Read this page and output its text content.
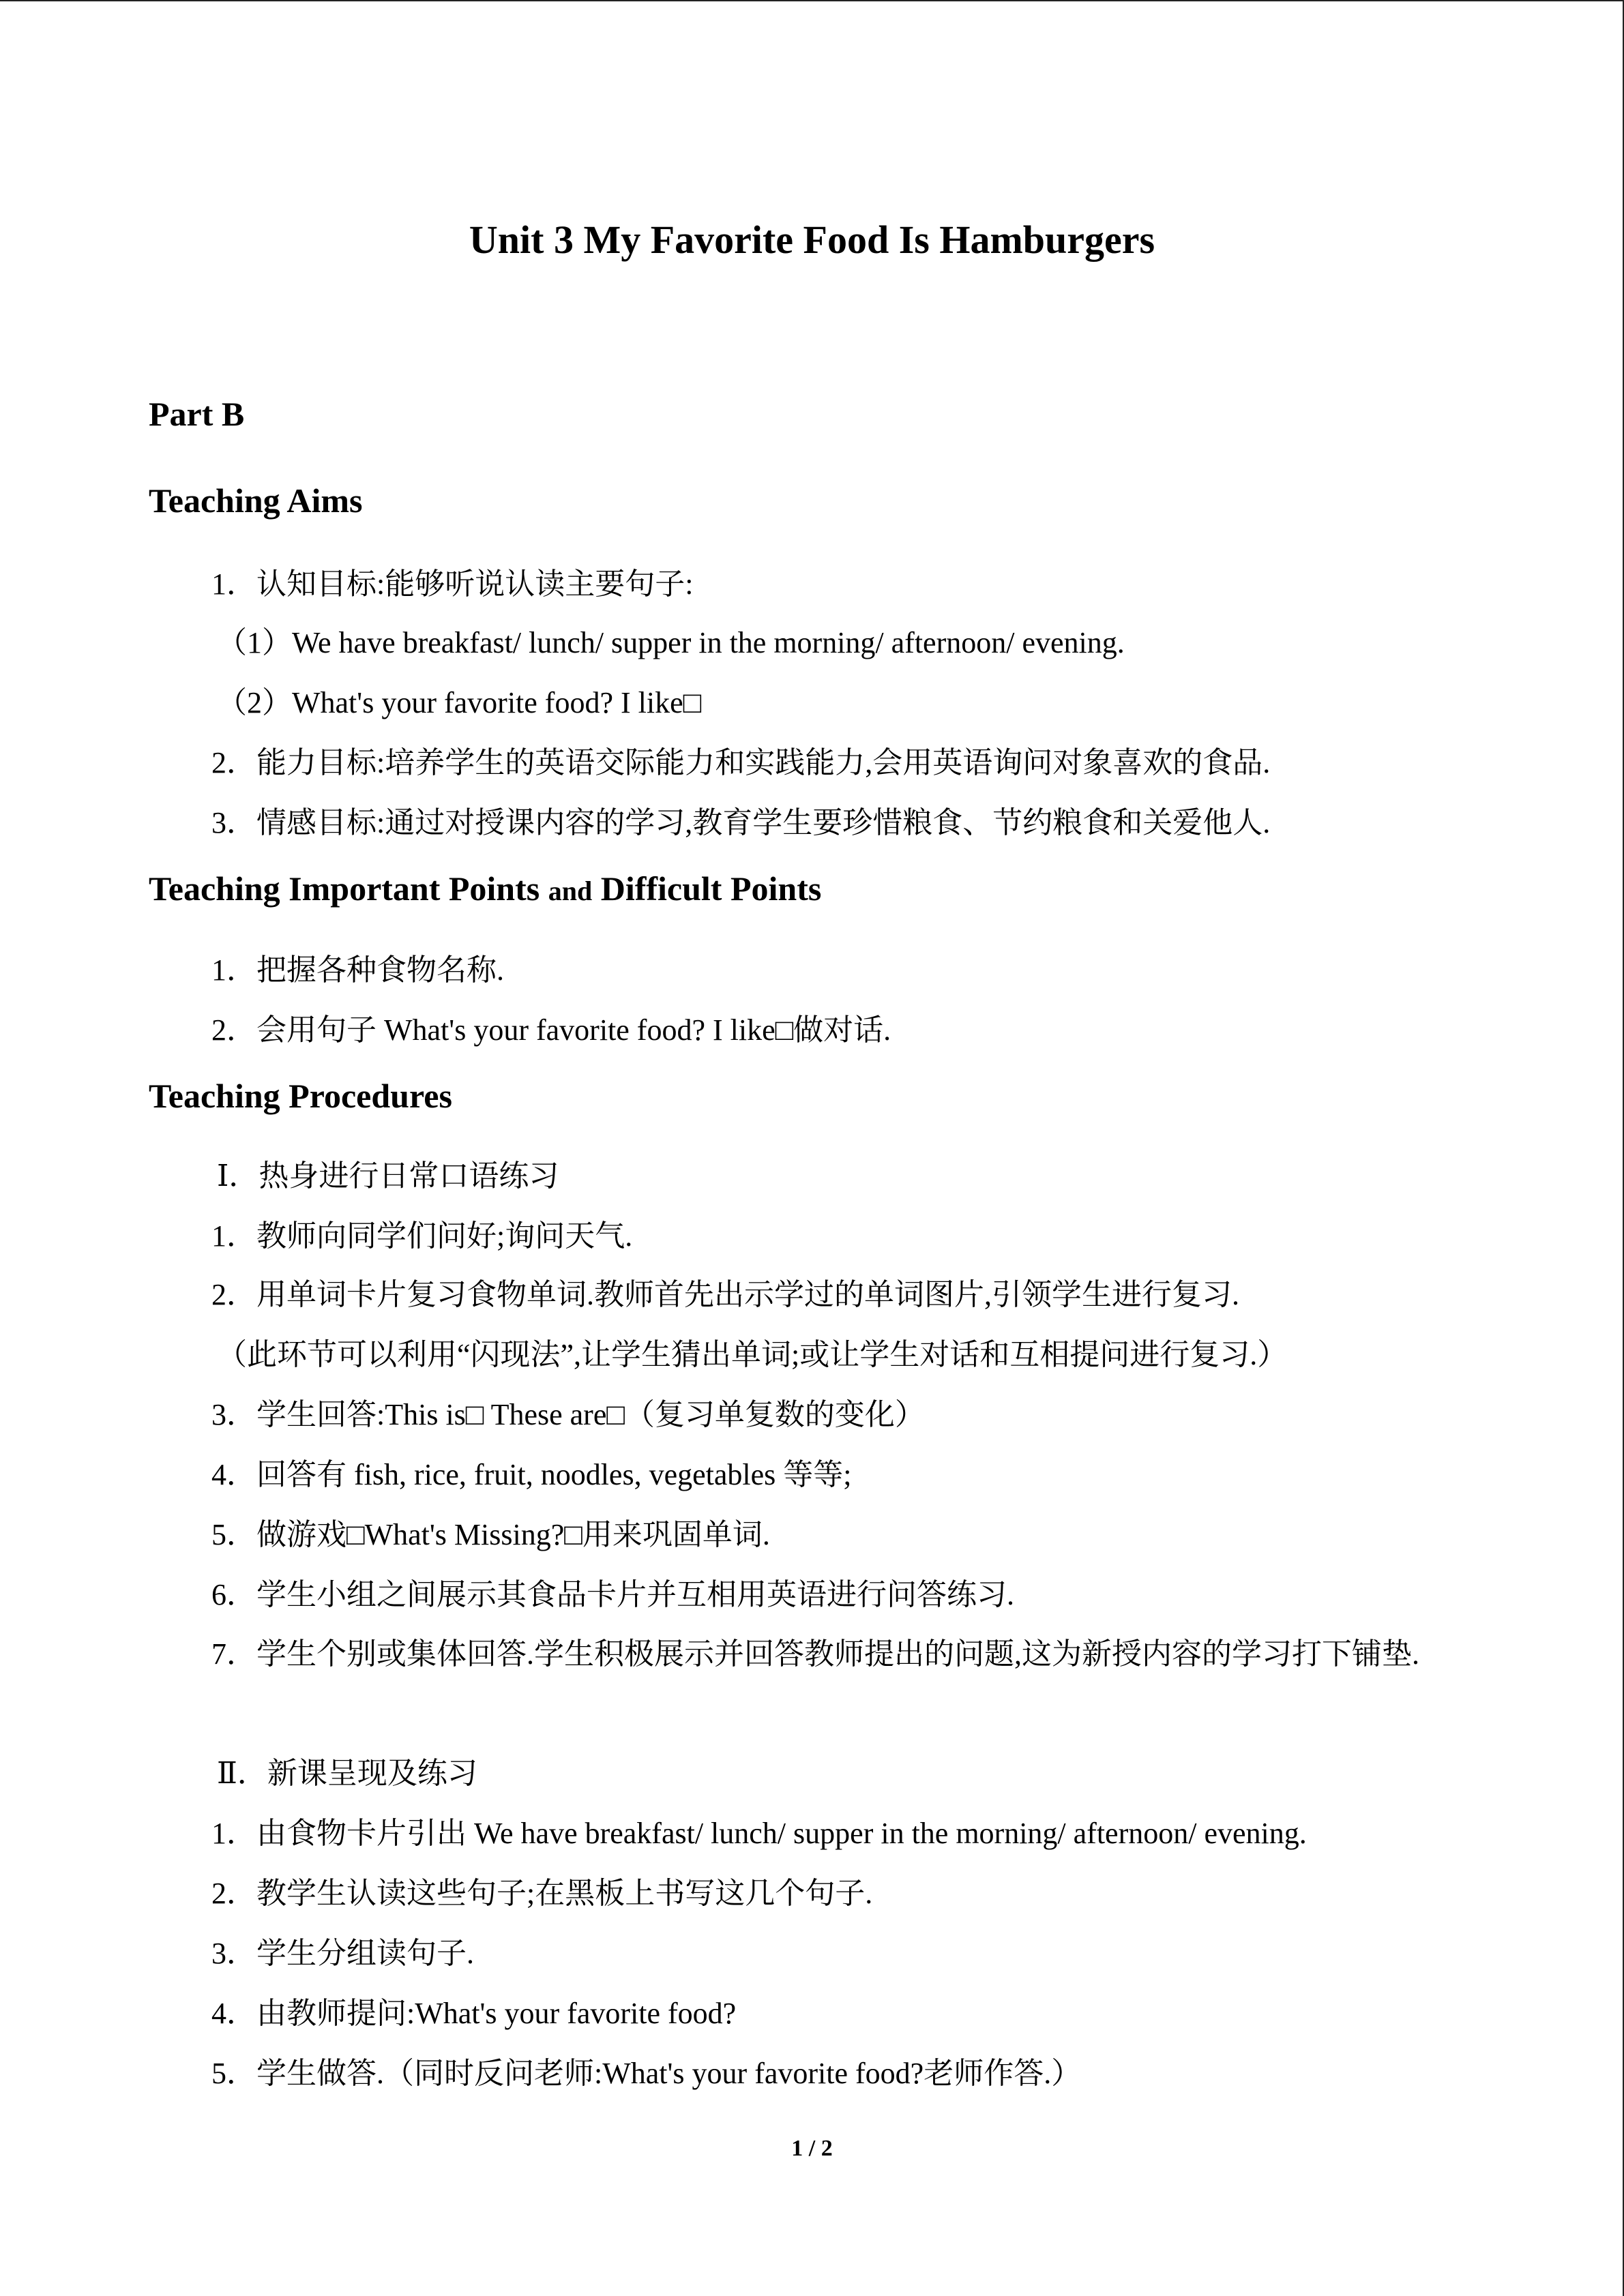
Unit 3 My Favorite Food Is Hamburgers
Part B
Teaching Aims

1．认知目标:能够听说认读主要句子:

（1）We have breakfast/ lunch/ supper in the morning/ afternoon/ evening.

（2）What's your favorite food? I like□

2．能力目标:培养学生的英语交际能力和实践能力,会用英语询问对象喜欢的食品.

3．情感目标:通过对授课内容的学习,教育学生要珍惜粮食、节约粮食和关爱他人.

Teaching Important Points and Difficult Points

1．把握各种食物名称.

2．会用句子 What's your favorite food? I like□做对话.

Teaching Procedures

Ⅰ．热身进行日常口语练习

1．教师向同学们问好;询问天气.

2．用单词卡片复习食物单词.教师首先出示学过的单词图片,引领学生进行复习.

（此环节可以利用“闪现法”,让学生猜出单词;或让学生对话和互相提问进行复习.）

3．学生回答:This is□ These are□（复习单复数的变化）

4．回答有 fish, rice, fruit, noodles, vegetables 等等;

5．做游戏□What's Missing?□用来巩固单词.

6．学生小组之间展示其食品卡片并互相用英语进行问答练习.

7．学生个别或集体回答.学生积极展示并回答教师提出的问题,这为新授内容的学习打下铺垫.

Ⅱ．新课呈现及练习

1．由食物卡片引出 We have breakfast/ lunch/ supper in the morning/ afternoon/ evening.

2．教学生认读这些句子;在黑板上书写这几个句子.

3．学生分组读句子.

4．由教师提问:What's your favorite food?

5．学生做答.（同时反问老师:What's your favorite food?老师作答.）

1 / 2
